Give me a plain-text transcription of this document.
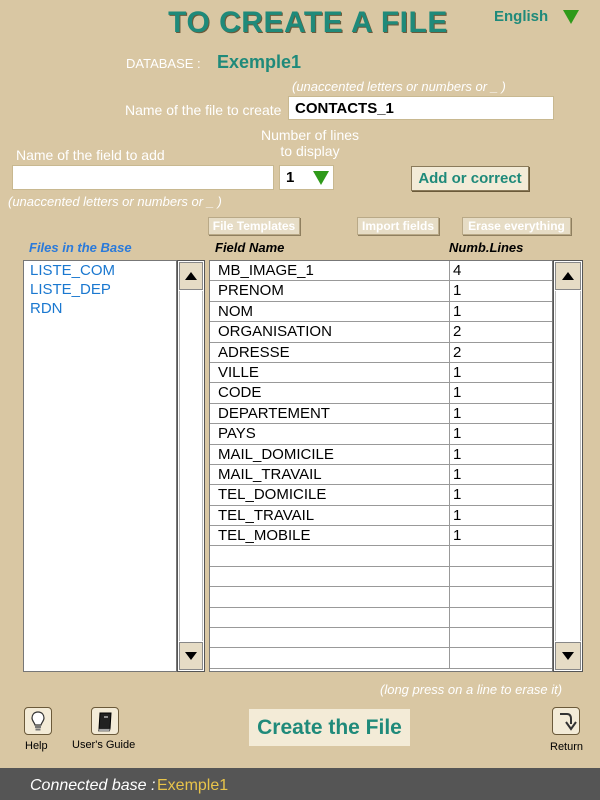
TO CREATE A FILE	English
DATABASE : Exemple1
(unaccented letters or numbers or _ )
Name of the file to create CONTACTS_1
Number of lines
to display
Name of the field to add
1	Add or correct
(unaccented letters or numbers or _ )
File Templates	Import fields	Erase everything
Files in the Base	Field Name	Numb.Lines
LISTE_COM
LISTE_DEP
RDN
MB_IMAGE_1	4
PRENOM	1
NOM	1
ORGANISATION	2
ADRESSE	2
VILLE	1
CODE	1
DEPARTEMENT	1
PAYS	1
MAIL_DOMICILE	1
MAIL_TRAVAIL	1
TEL_DOMICILE	1
TEL_TRAVAIL	1
TEL_MOBILE	1
(long press on a line to erase it)
Help User's Guide
Create the File
Return
Connected base : Exemple1
